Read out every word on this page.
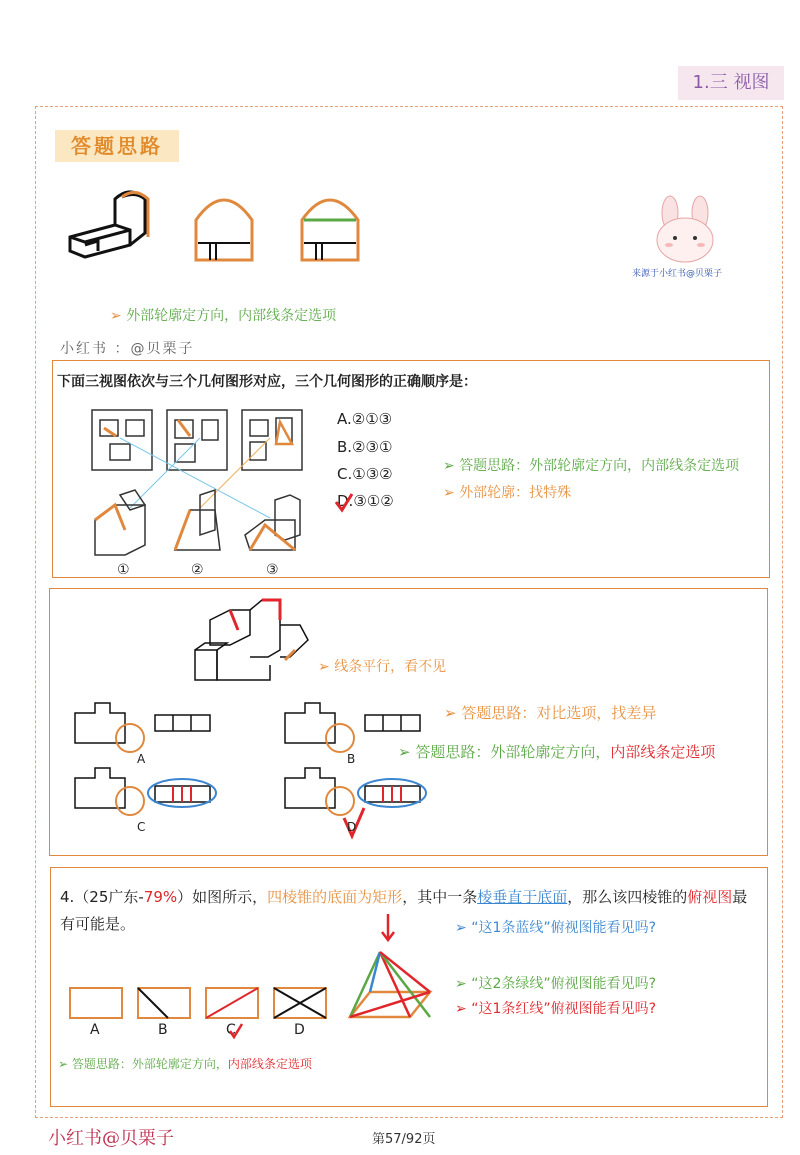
1.三 视图
答题思路
来源于小红书@贝栗子
➢ 外部轮廓定方向，内部线条定选项
小红书 ：@贝栗子
下面三视图依次与三个几何图形对应，三个几何图形的正确顺序是：
①	②	③
A.②①③
B.②③①
C.①③②
D.③①②
➢ 答题思路：外部轮廓定方向，内部线条定选项
➢ 外部轮廓：找特殊
➢ 线条平行，看不见
➢ 答题思路：对比选项，找差异
➢ 答题思路：外部轮廓定方向，内部线条定选项
A	B
C	D
4.（25广东-79%）如图所示，四棱锥的底面为矩形，其中一条棱垂直于底面，那么该四棱锥的俯视图最
有可能是。	➢ “这1条蓝线”俯视图能看见吗?
➢ “这2条绿线”俯视图能看见吗?
➢ “这1条红线”俯视图能看见吗?
A	B	C	D
➢ 答题思路：外部轮廓定方向，内部线条定选项
小红书@贝栗子	第57/92页
